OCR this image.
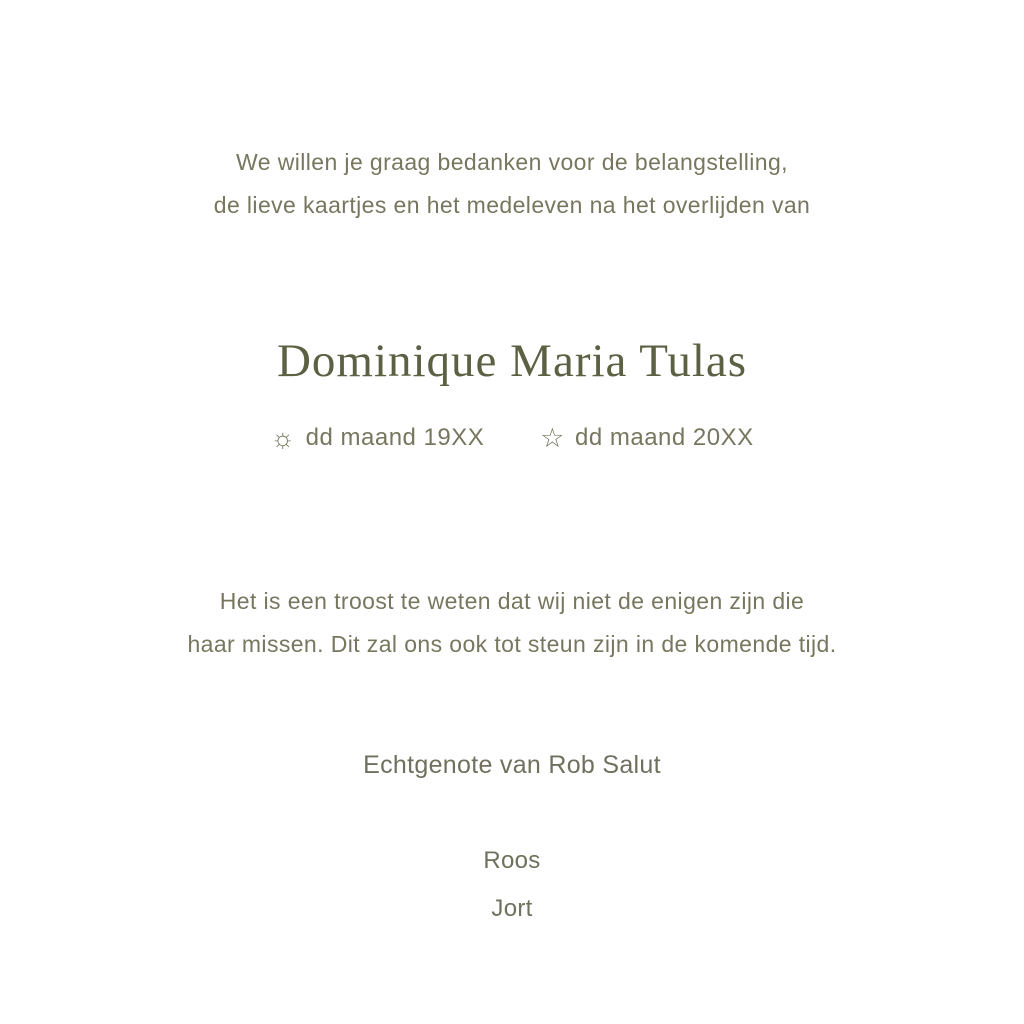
We willen je graag bedanken voor de belangstelling,

de lieve kaartjes en het medeleven na het overlijden van

Dominique Maria Tulas
☼ dd maand 19XX ☆ dd maand 20XX

Het is een troost te weten dat wij niet de enigen zijn die

haar missen. Dit zal ons ook tot steun zijn in de komende tijd.

Echtgenote van Rob Salut

Roos

Jort
